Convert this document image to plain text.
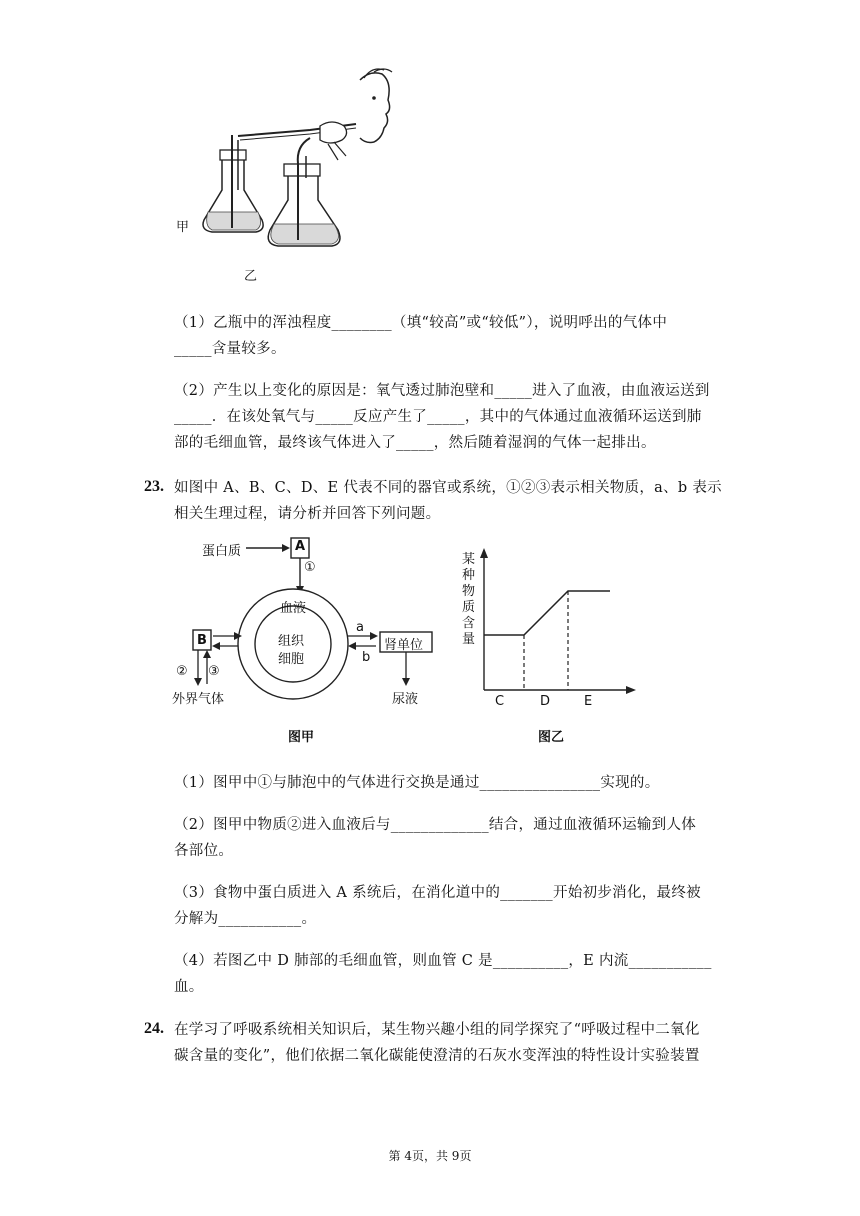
甲
乙
（1）乙瓶中的浑浊程度________（填“较高”或“较低”），说明呼出的气体中
_____含量较多。
（2）产生以上变化的原因是：氧气透过肺泡壁和_____进入了血液，由血液运送到
_____．在该处氧气与_____反应产生了_____，其中的气体通过血液循环运送到肺
部的毛细血管，最终该气体进入了_____，然后随着湿润的气体一起排出。
23. 如图中 A、B、C、D、E 代表不同的器官或系统，①②③表示相关物质，a、b 表示
相关生理过程，请分析并回答下列问题。
蛋白质	A
①
血液
组织
细胞
B
② ③
外界气体
肾单位
a
b
尿液
图甲
某种物质含量
C	D	E
图乙
（1）图甲中①与肺泡中的气体进行交换是通过________________实现的。
（2）图甲中物质②进入血液后与_____________结合，通过血液循环运输到人体
各部位。
（3）食物中蛋白质进入 A 系统后，在消化道中的_______开始初步消化，最终被
分解为___________。
（4）若图乙中 D 肺部的毛细血管，则血管 C 是__________，E 内流___________
血。
24. 在学习了呼吸系统相关知识后，某生物兴趣小组的同学探究了“呼吸过程中二氧化
碳含量的变化”，他们依据二氧化碳能使澄清的石灰水变浑浊的特性设计实验装置
第 4页，共 9页
